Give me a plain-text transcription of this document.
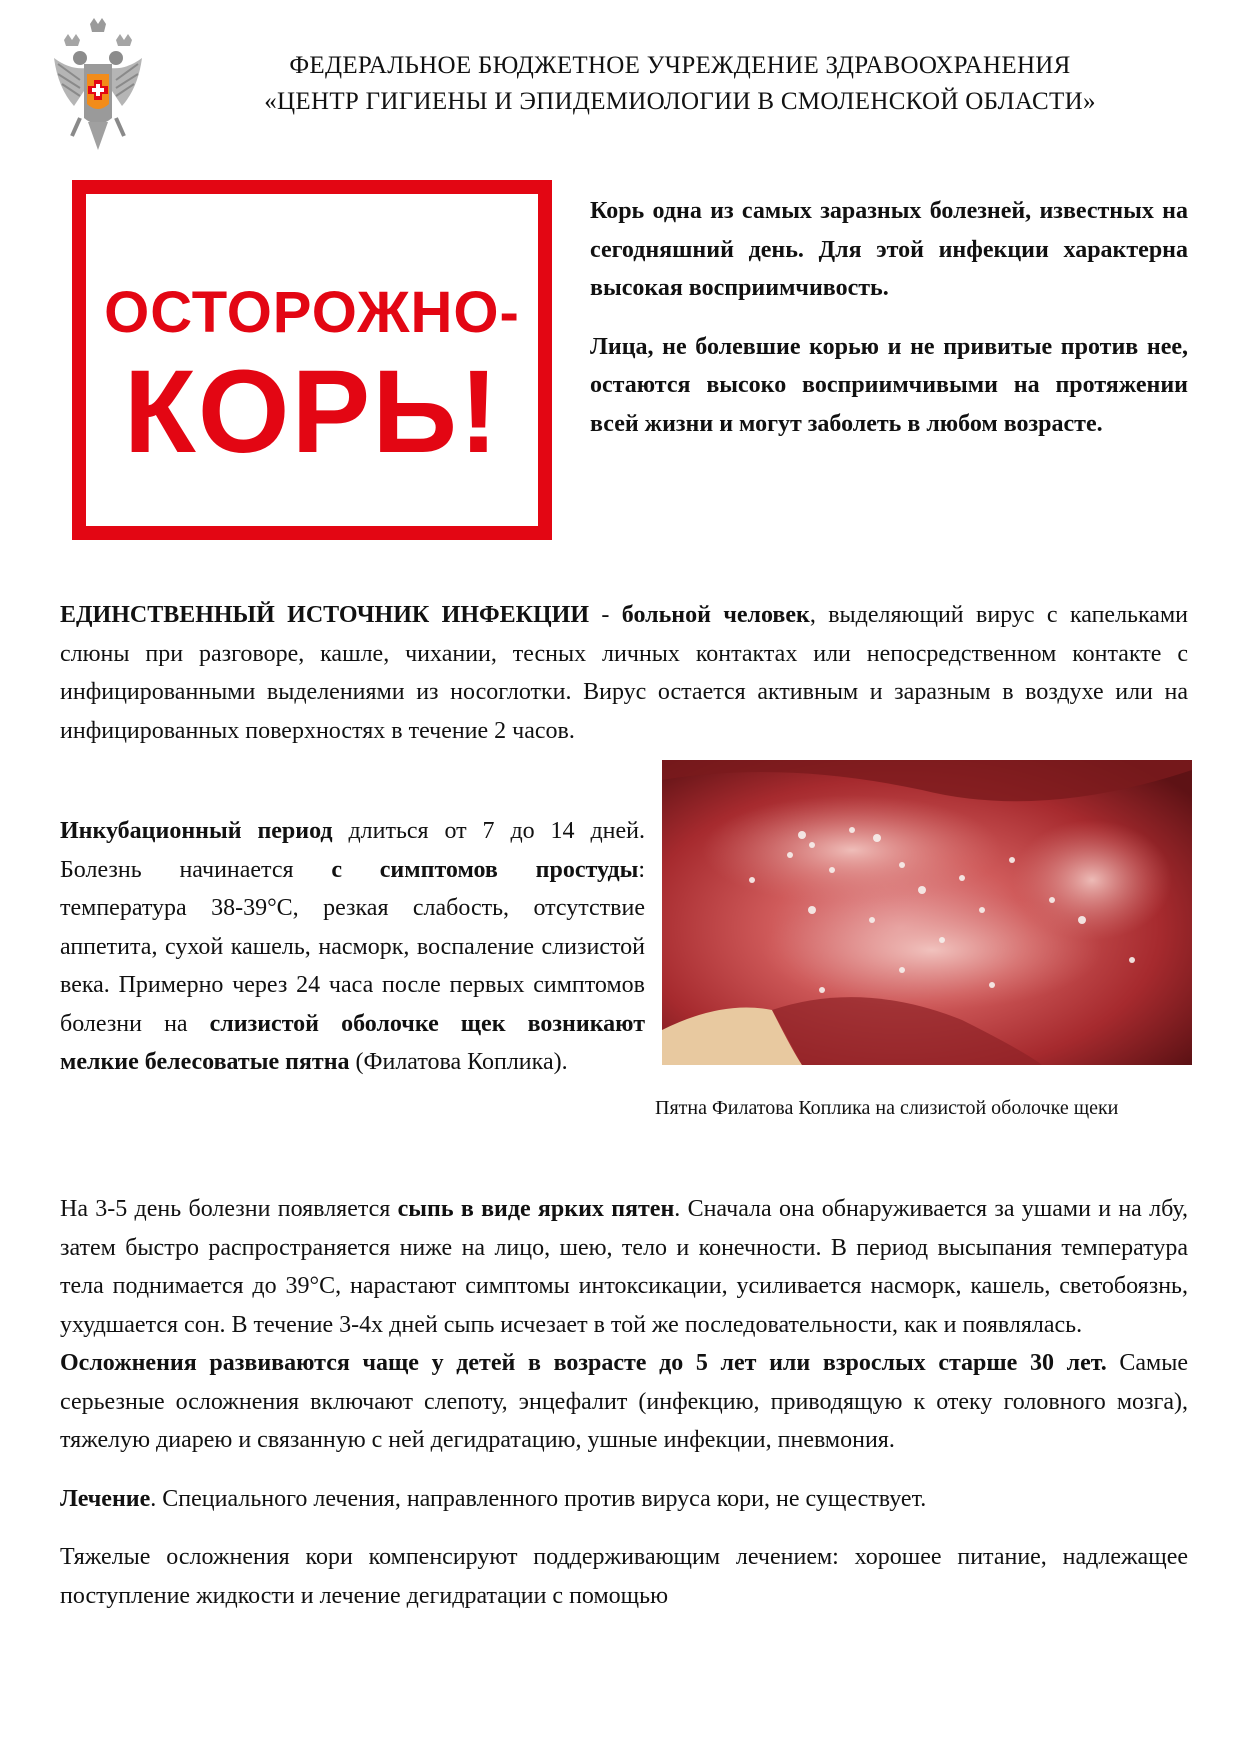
ФЕДЕРАЛЬНОЕ БЮДЖЕТНОЕ УЧРЕЖДЕНИЕ ЗДРАВООХРАНЕНИЯ
«ЦЕНТР ГИГИЕНЫ И ЭПИДЕМИОЛОГИИ В СМОЛЕНСКОЙ ОБЛАСТИ»
ОСТОРОЖНО-
КОРЬ!

Корь одна из самых заразных болезней, известных на сегодняшний день. Для этой инфекции характерна высокая восприимчивость.

Лица, не болевшие корью и не привитые против нее, остаются высоко восприимчивыми на протяжении всей жизни и могут заболеть в любом возрасте.

ЕДИНСТВЕННЫЙ ИСТОЧНИК ИНФЕКЦИИ - больной человек, выделяющий вирус с капельками слюны при разговоре, кашле, чихании, тесных личных контактах или непосредственном контакте с инфицированными выделениями из носоглотки. Вирус остается активным и заразным в воздухе или на инфицированных поверхностях в течение 2 часов.

Инкубационный период длиться от 7 до 14 дней. Болезнь начинается с симптомов простуды: температура 38-39°С, резкая слабость, отсутствие аппетита, сухой кашель, насморк, воспаление слизистой века. Примерно через 24 часа после первых симптомов болезни на слизистой оболочке щек возникают мелкие белесоватые пятна (Филатова Коплика).
Пятна Филатова Коплика на слизистой оболочке щеки

На 3-5 день болезни появляется сыпь в виде ярких пятен. Сначала она обнаруживается за ушами и на лбу, затем быстро распространяется ниже на лицо, шею, тело и конечности. В период высыпания температура тела поднимается до 39°С, нарастают симптомы интоксикации, усиливается насморк, кашель, светобоязнь, ухудшается сон. В течение 3-4х дней сыпь исчезает в той же последовательности, как и появлялась.

Осложнения развиваются чаще у детей в возрасте до 5 лет или взрослых старше 30 лет. Самые серьезные осложнения включают слепоту, энцефалит (инфекцию, приводящую к отеку головного мозга), тяжелую диарею и связанную с ней дегидратацию, ушные инфекции, пневмония.

Лечение. Специального лечения, направленного против вируса кори, не существует.

Тяжелые осложнения кори компенсируют поддерживающим лечением: хорошее питание, надлежащее поступление жидкости и лечение дегидратации с помощью
